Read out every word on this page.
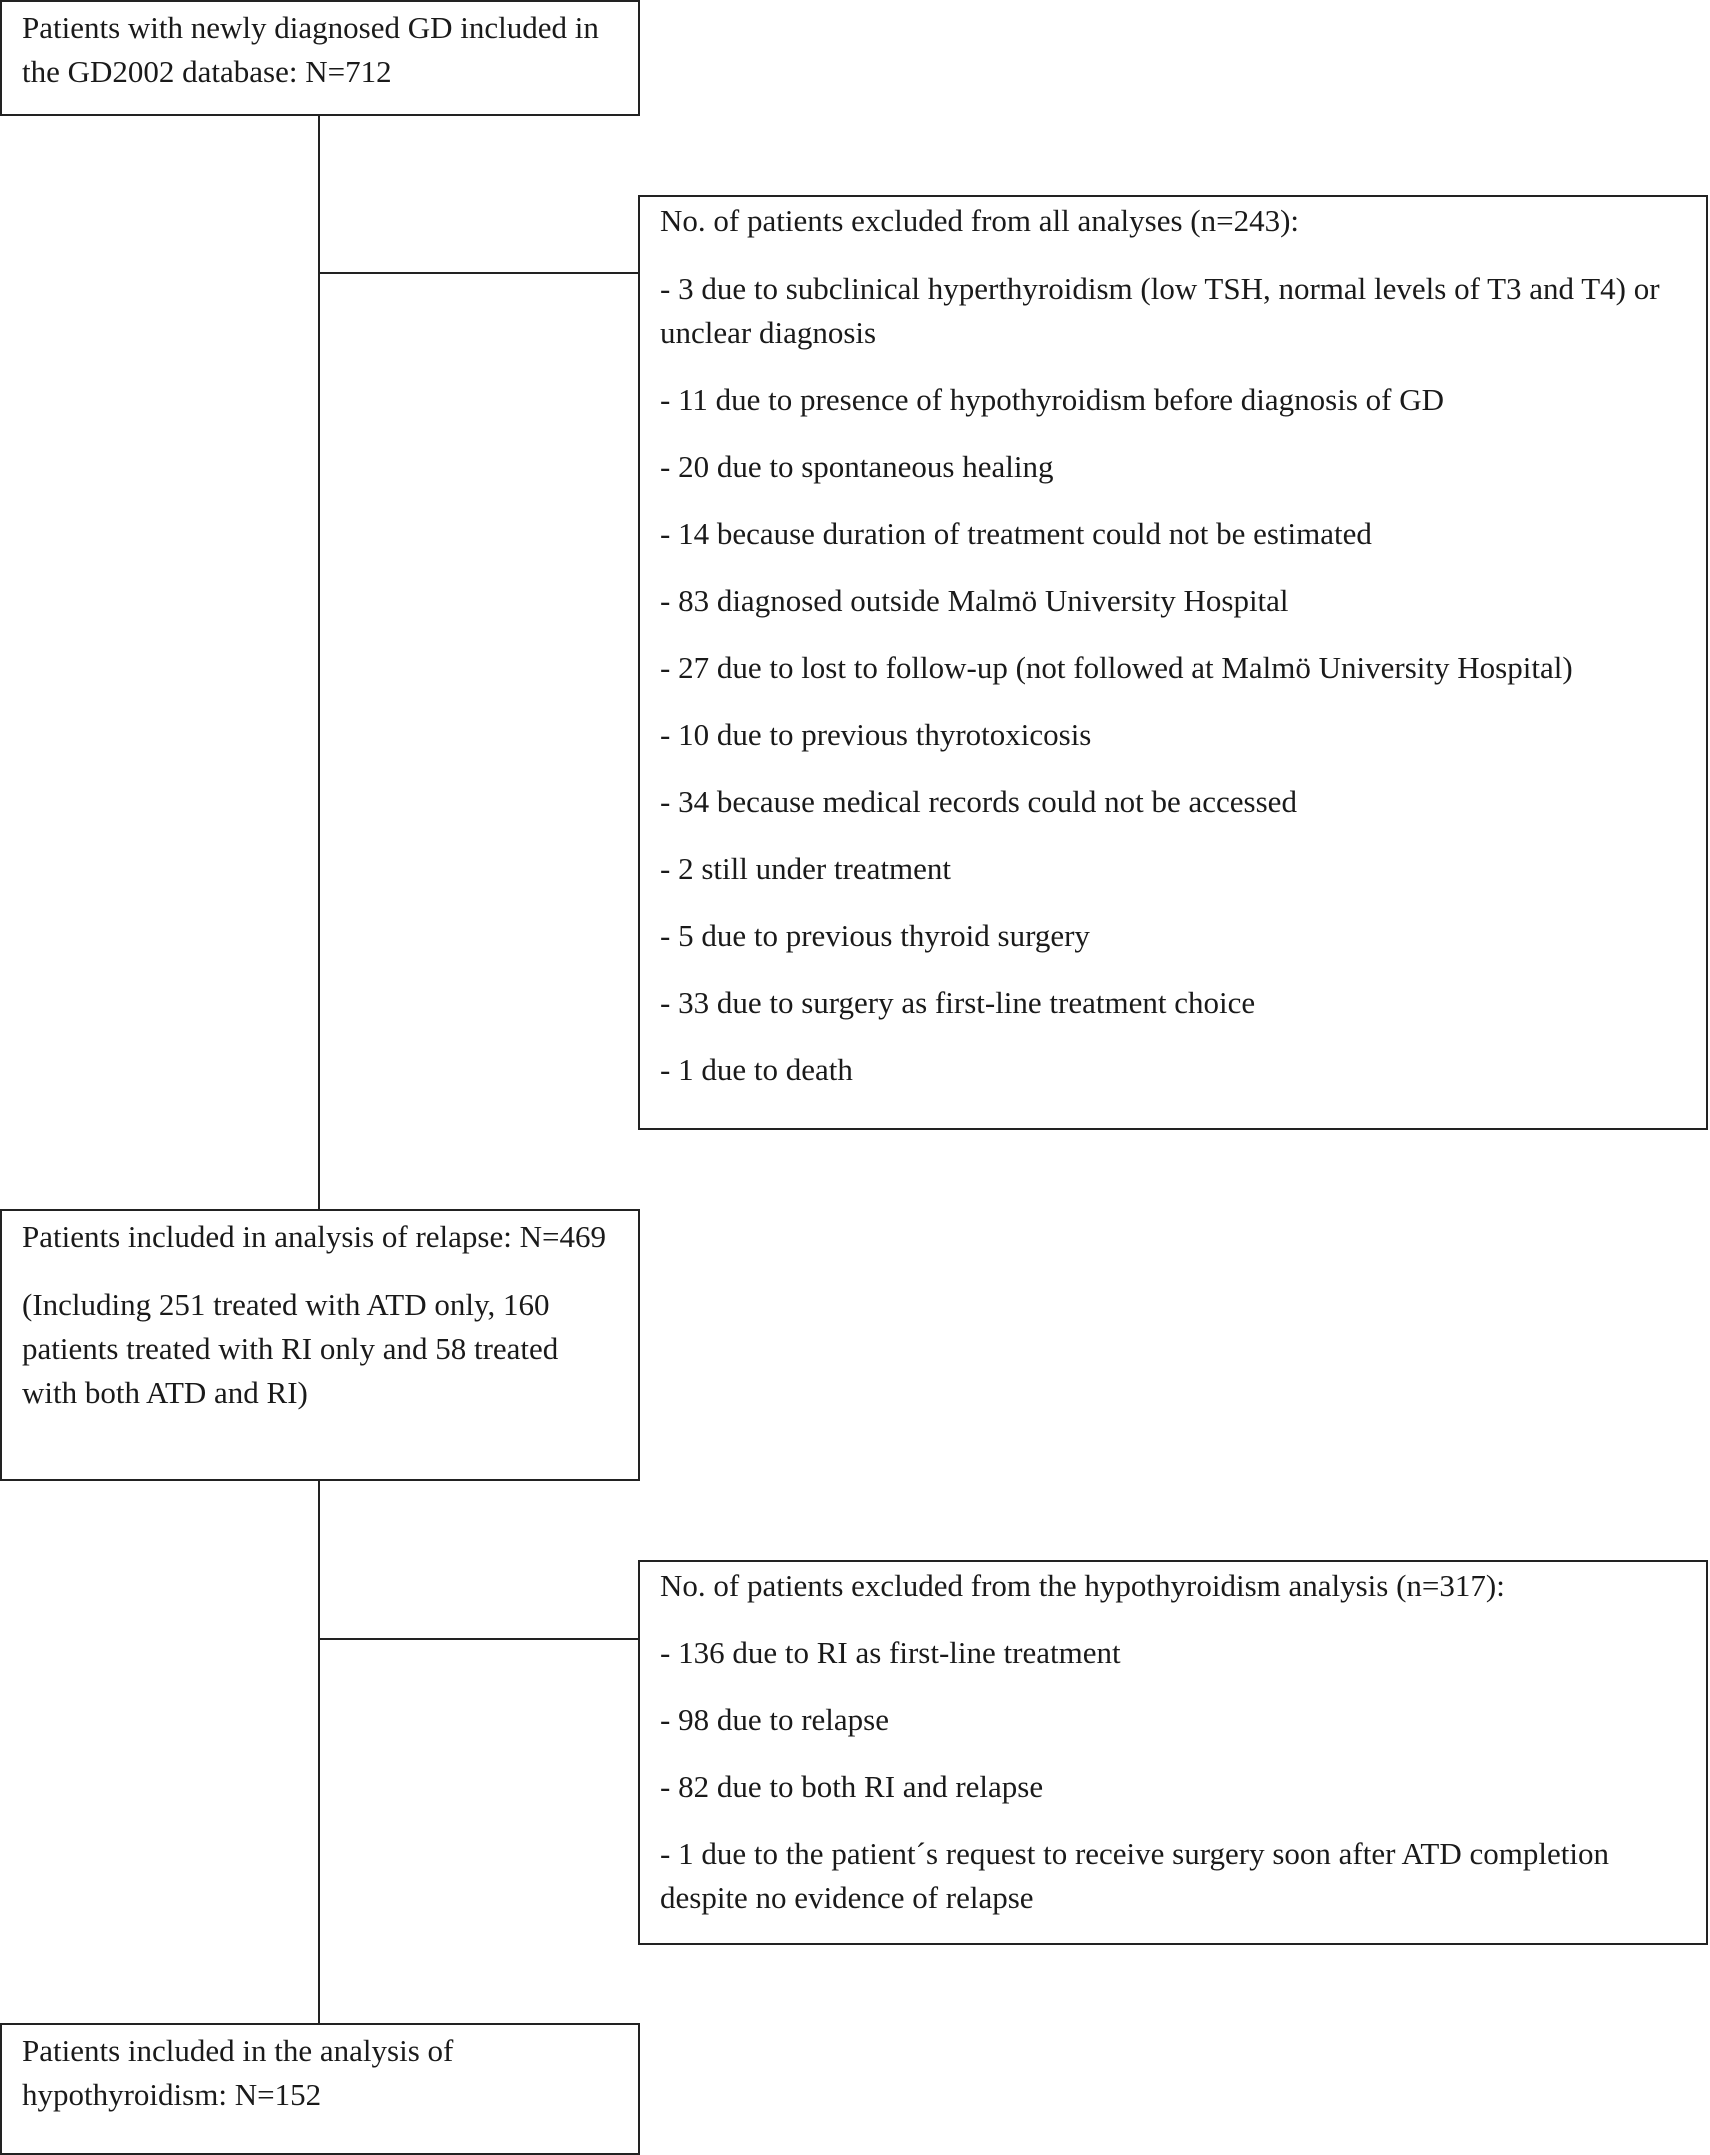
Patients with newly diagnosed GD included in the GD2002 database: N=712

No. of patients excluded from all analyses (n=243):

- 3 due to subclinical hyperthyroidism (low TSH, normal levels of T3 and T4) or unclear diagnosis

- 11 due to presence of hypothyroidism before diagnosis of GD

- 20 due to spontaneous healing

- 14 because duration of treatment could not be estimated

- 83 diagnosed outside Malmö University Hospital

- 27 due to lost to follow-up (not followed at Malmö University Hospital)

- 10 due to previous thyrotoxicosis

- 34 because medical records could not be accessed

- 2 still under treatment

- 5 due to previous thyroid surgery

- 33 due to surgery as first-line treatment choice

- 1 due to death

Patients included in analysis of relapse: N=469

(Including 251 treated with ATD only, 160 patients treated with RI only and 58 treated with both ATD and RI)

No. of patients excluded from the hypothyroidism analysis (n=317):

- 136 due to RI as first-line treatment

- 98 due to relapse

- 82 due to both RI and relapse

- 1 due to the patient´s request to receive surgery soon after ATD completion despite no evidence of relapse

Patients included in the analysis of hypothyroidism: N=152
